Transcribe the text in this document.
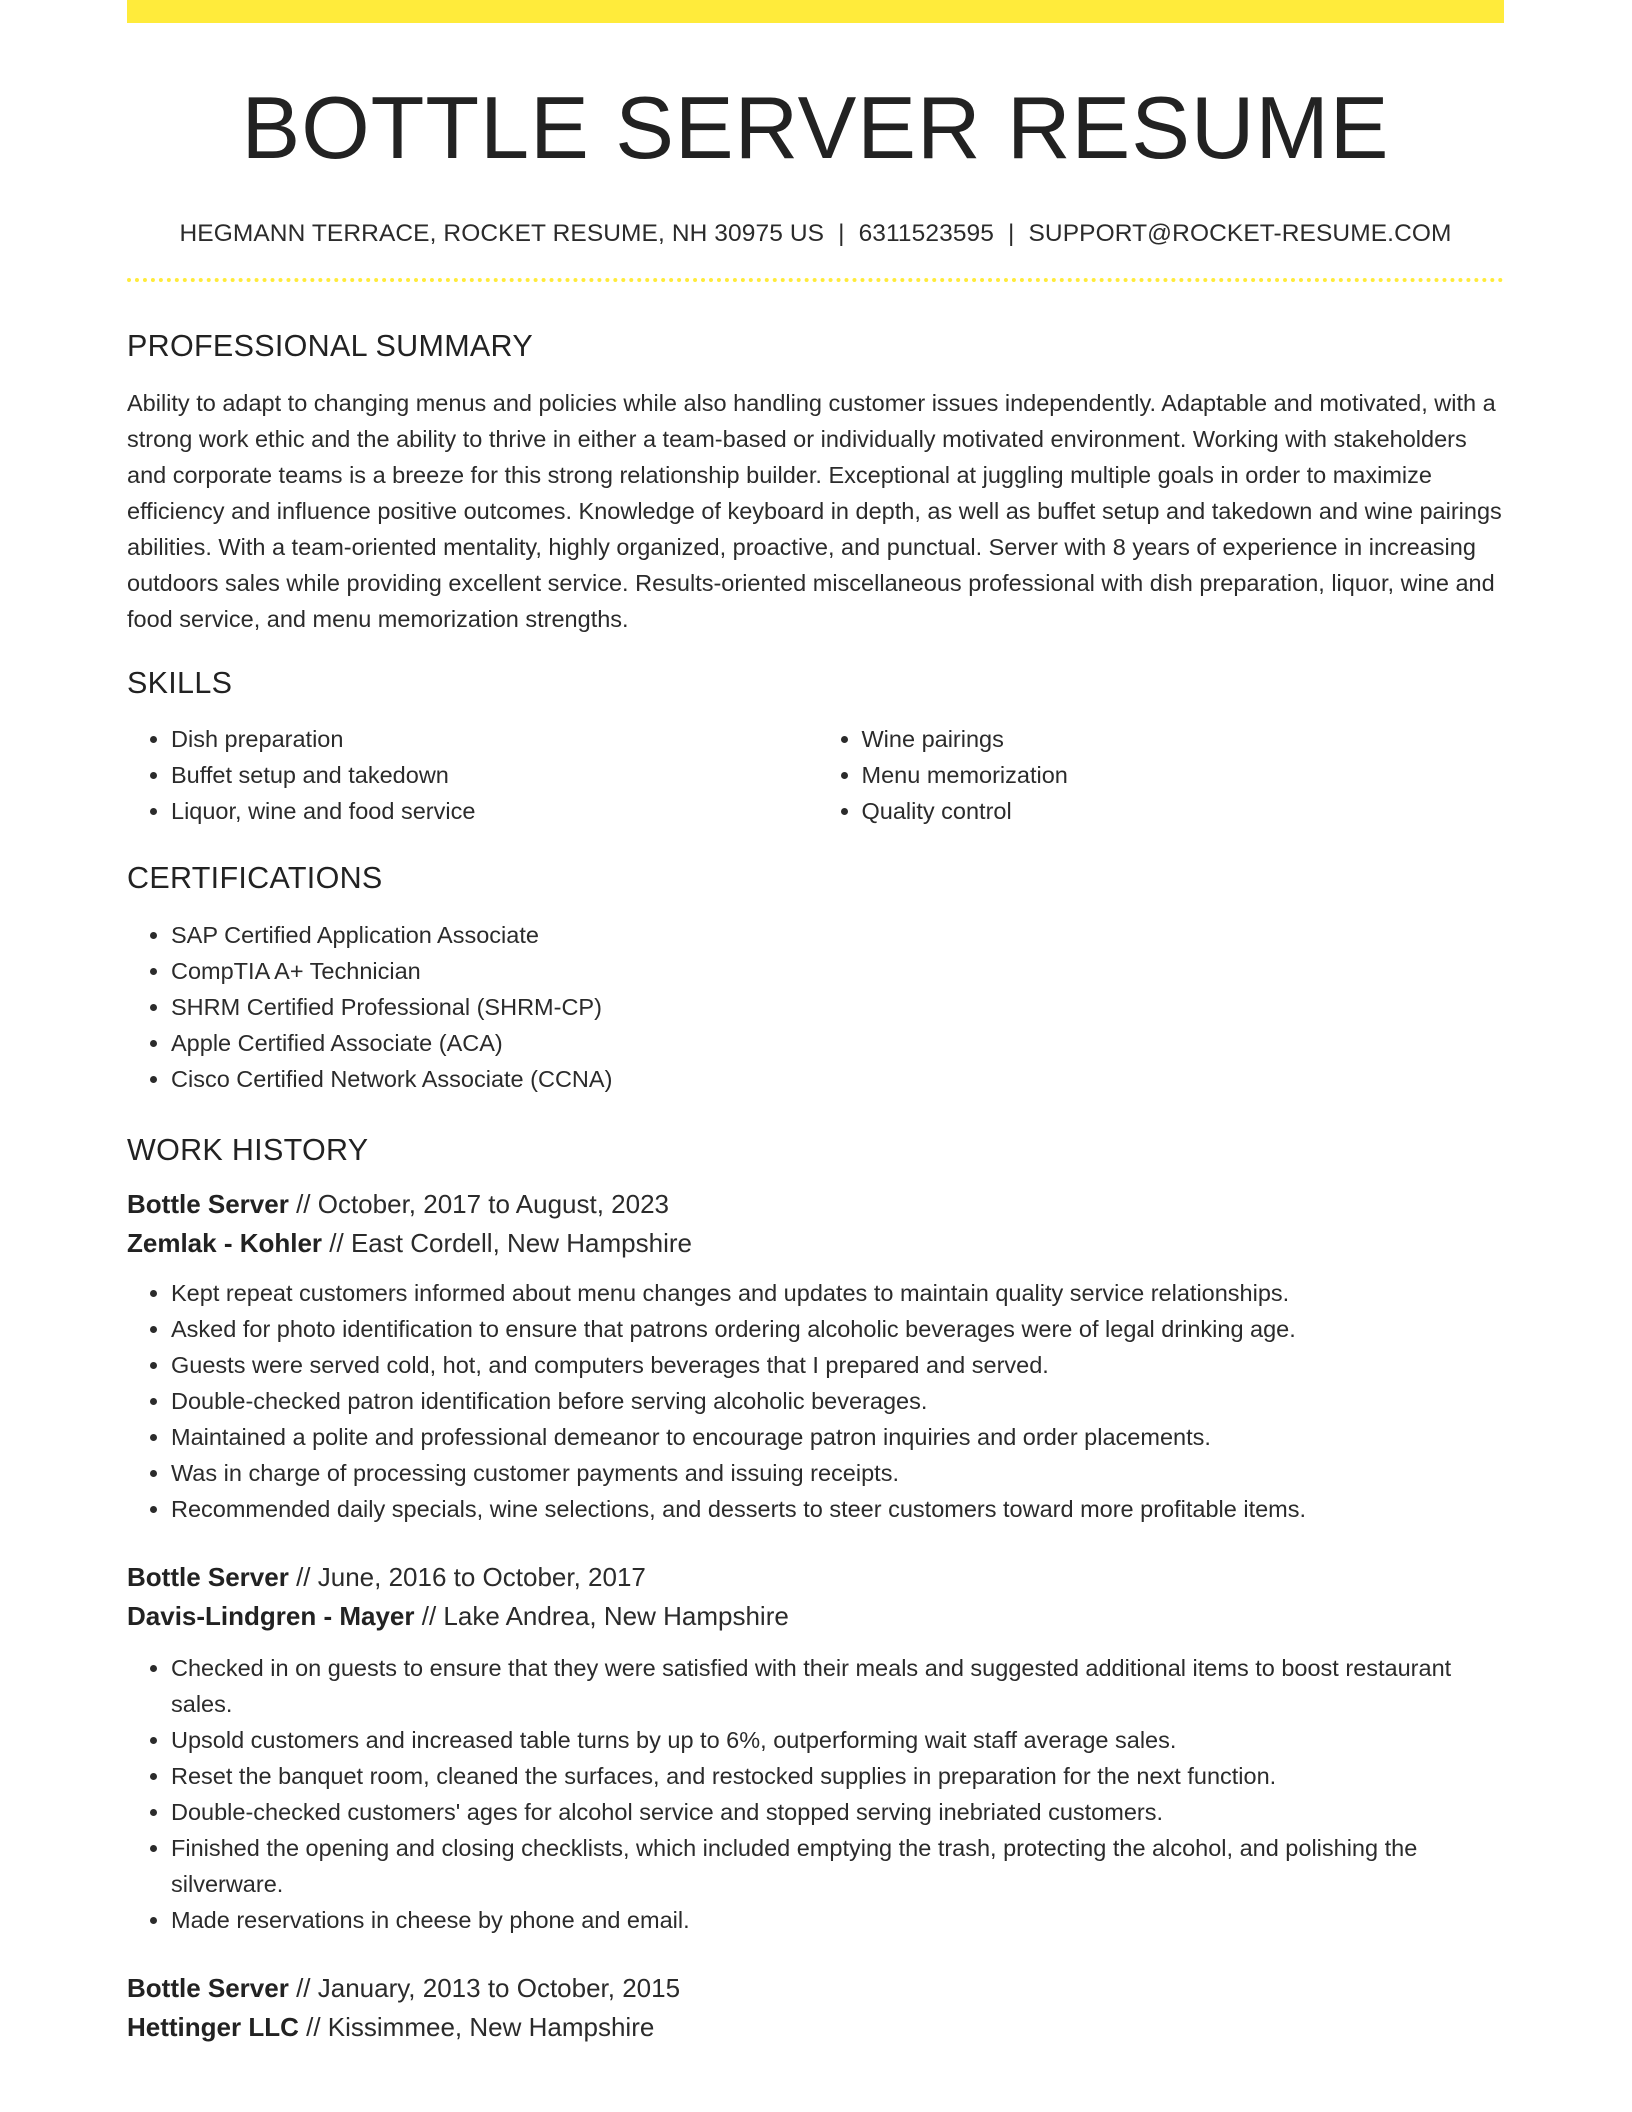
BOTTLE SERVER RESUME
HEGMANN TERRACE, ROCKET RESUME, NH 30975 US | 6311523595 | SUPPORT@ROCKET-RESUME.COM
PROFESSIONAL SUMMARY

Ability to adapt to changing menus and policies while also handling customer issues independently. Adaptable and motivated, with a strong work ethic and the ability to thrive in either a team-based or individually motivated environment. Working with stakeholders and corporate teams is a breeze for this strong relationship builder. Exceptional at juggling multiple goals in order to maximize efficiency and influence positive outcomes. Knowledge of keyboard in depth, as well as buffet setup and takedown and wine pairings abilities. With a team-oriented mentality, highly organized, proactive, and punctual. Server with 8 years of experience in increasing outdoors sales while providing excellent service. Results-oriented miscellaneous professional with dish preparation, liquor, wine and food service, and menu memorization strengths.

SKILLS
• Dish preparation
• Buffet setup and takedown
• Liquor, wine and food service
• Wine pairings
• Menu memorization
• Quality control
CERTIFICATIONS
• SAP Certified Application Associate
• CompTIA A+ Technician
• SHRM Certified Professional (SHRM-CP)
• Apple Certified Associate (ACA)
• Cisco Certified Network Associate (CCNA)
WORK HISTORY
Bottle Server // October, 2017 to August, 2023
Zemlak - Kohler // East Cordell, New Hampshire
• Kept repeat customers informed about menu changes and updates to maintain quality service relationships.
• Asked for photo identification to ensure that patrons ordering alcoholic beverages were of legal drinking age.
• Guests were served cold, hot, and computers beverages that I prepared and served.
• Double-checked patron identification before serving alcoholic beverages.
• Maintained a polite and professional demeanor to encourage patron inquiries and order placements.
• Was in charge of processing customer payments and issuing receipts.
• Recommended daily specials, wine selections, and desserts to steer customers toward more profitable items.
Bottle Server // June, 2016 to October, 2017
Davis-Lindgren - Mayer // Lake Andrea, New Hampshire
• Checked in on guests to ensure that they were satisfied with their meals and suggested additional items to boost restaurant sales.
• Upsold customers and increased table turns by up to 6%, outperforming wait staff average sales.
• Reset the banquet room, cleaned the surfaces, and restocked supplies in preparation for the next function.
• Double-checked customers' ages for alcohol service and stopped serving inebriated customers.
• Finished the opening and closing checklists, which included emptying the trash, protecting the alcohol, and polishing the silverware.
• Made reservations in cheese by phone and email.
Bottle Server // January, 2013 to October, 2015
Hettinger LLC // Kissimmee, New Hampshire
